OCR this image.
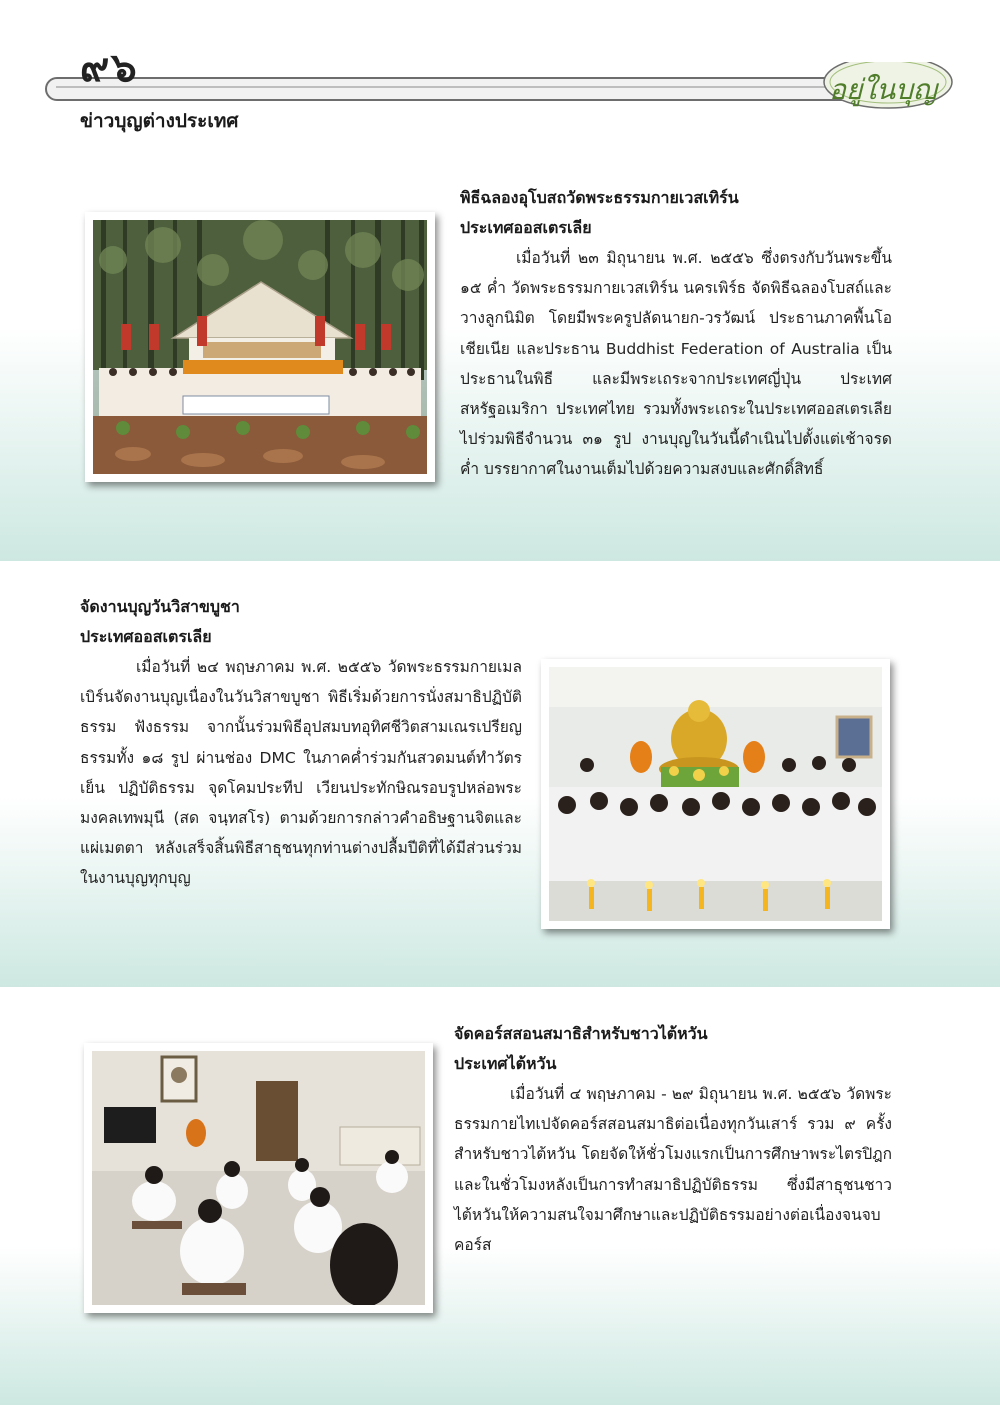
๙๖	อยู่ในบุญ
ข่าวบุญต่างประเทศ
พิธีฉลองอุโบสถวัดพระธรรมกายเวสเทิร์น
ประเทศออสเตรเลีย

เมื่อวันที่ ๒๓ มิถุนายน พ.ศ. ๒๕๕๖ ซึ่งตรงกับวันพระขึ้น ๑๕ ค่ำ วัดพระธรรมกายเวสเทิร์น นครเพิร์ธ จัดพิธีฉลองโบสถ์และวางลูกนิมิต โดยมีพระครูปลัดนายก-วรวัฒน์ ประธานภาคพื้นโอเชียเนีย และประธาน Buddhist Federation of Australia เป็นประธานในพิธี และมีพระเถระจากประเทศญี่ปุ่น ประเทศสหรัฐอเมริกา ประเทศไทย รวมทั้งพระเถระในประเทศออสเตรเลียไปร่วมพิธีจำนวน ๓๑ รูป งานบุญในวันนี้ดำเนินไปตั้งแต่เช้าจรดค่ำ บรรยากาศในงานเต็มไปด้วยความสงบและศักดิ์สิทธิ์

จัดงานบุญวันวิสาขบูชา
ประเทศออสเตรเลีย

เมื่อวันที่ ๒๔ พฤษภาคม พ.ศ. ๒๕๕๖ วัดพระธรรมกายเมลเบิร์นจัดงานบุญเนื่องในวันวิสาขบูชา พิธีเริ่มด้วยการนั่งสมาธิปฏิบัติธรรม ฟังธรรม จากนั้นร่วมพิธีอุปสมบทอุทิศชีวิตสามเณรเปรียญธรรมทั้ง ๑๘ รูป ผ่านช่อง DMC ในภาคค่ำร่วมกันสวดมนต์ทำวัตรเย็น ปฏิบัติธรรม จุดโคมประทีป เวียนประทักษิณรอบรูปหล่อพระมงคลเทพมุนี (สด จนฺทสโร) ตามด้วยการกล่าวคำอธิษฐานจิตและแผ่เมตตา หลังเสร็จสิ้นพิธีสาธุชนทุกท่านต่างปลื้มปีติที่ได้มีส่วนร่วมในงานบุญทุกบุญ

จัดคอร์สสอนสมาธิสำหรับชาวไต้หวัน
ประเทศไต้หวัน

เมื่อวันที่ ๔ พฤษภาคม - ๒๙ มิถุนายน พ.ศ. ๒๕๕๖ วัดพระธรรมกายไทเปจัดคอร์สสอนสมาธิต่อเนื่องทุกวันเสาร์ รวม ๙ ครั้ง สำหรับชาวไต้หวัน โดยจัดให้ชั่วโมงแรกเป็นการศึกษาพระไตรปิฎกและในชั่วโมงหลังเป็นการทำสมาธิปฏิบัติธรรม ซึ่งมีสาธุชนชาวไต้หวันให้ความสนใจมาศึกษาและปฏิบัติธรรมอย่างต่อเนื่องจนจบคอร์ส
